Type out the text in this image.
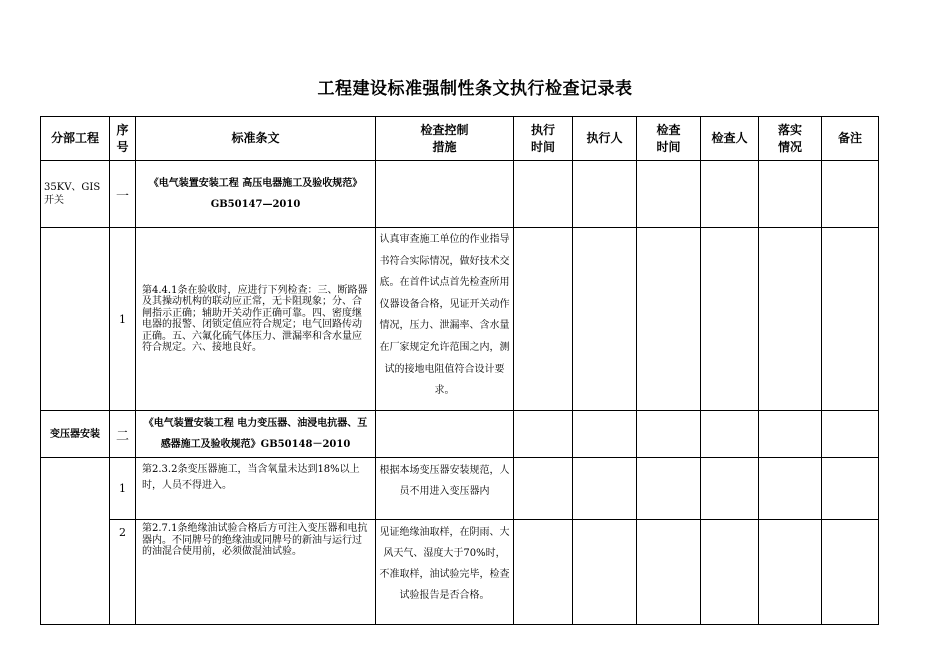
工程建设标准强制性条文执行检查记录表
分部工程	序号	标准条文	检查控制措施	执行时间	执行人	检查时间	检查人	落实情况	备注
35KV、GIS开关	一	《电气装置安装工程 高压电器施工及验收规范》GB50147—2010							
	1	第4.4.1条在验收时，应进行下列检查：三、断路器及其操动机构的联动应正常，无卡阻现象；分、合闸指示正确；辅助开关动作正确可靠。四、密度继电器的报警、闭锁定值应符合规定；电气回路传动正确。五、六氟化硫气体压力、泄漏率和含水量应符合规定。六、接地良好。	认真审查施工单位的作业指导书符合实际情况，做好技术交底。在首件试点首先检查所用仪器设备合格，见证开关动作情况，压力、泄漏率、含水量在厂家规定允许范围之内，测试的接地电阻值符合设计要求。						
变压器安装	二	《电气装置安装工程 电力变压器、油浸电抗器、互感器施工及验收规范》GB50148－2010							
	1	第2.3.2条变压器施工，当含氧量未达到18%以上时，人员不得进入。	根据本场变压器安装规范，人员不用进入变压器内						
	2	第2.7.1条绝缘油试验合格后方可注入变压器和电抗器内。不同牌号的绝缘油或同牌号的新油与运行过的油混合使用前，必须做混油试验。	见证绝缘油取样，在阴雨、大风天气、湿度大于70%时，不准取样，油试验完毕，检查试验报告是否合格。						
